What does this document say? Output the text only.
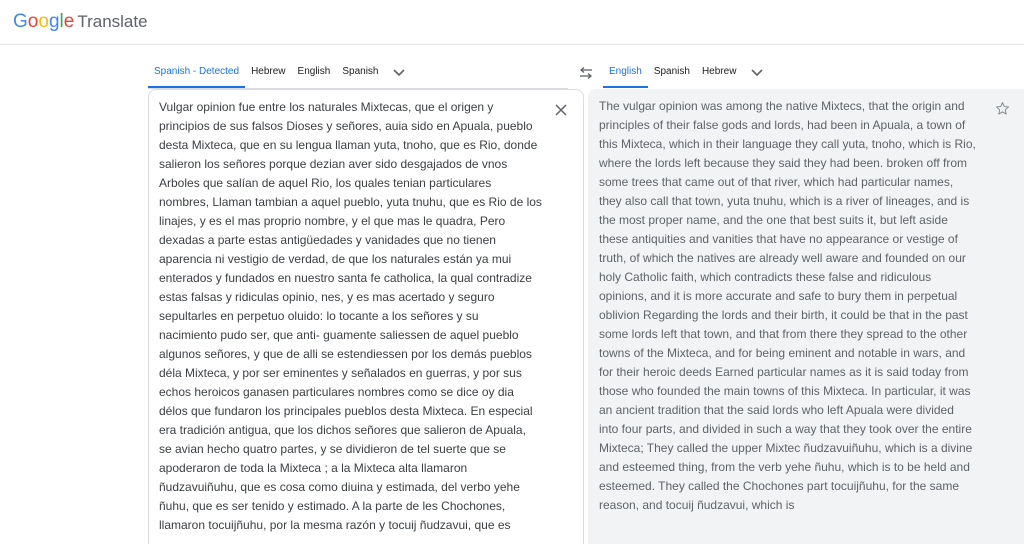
Google Translate
Spanish - Detected	Hebrew	English	Spanish	English	Spanish	Hebrew
Vulgar opinion fue entre los naturales Mixtecas, que el origen y
principios de sus falsos Dioses y señores, auia sido en Apuala, pueblo
desta Mixteca, que en su lengua llaman yuta, tnoho, que es Rio, donde
salieron los señores porque dezian aver sido desgajados de vnos
Arboles que salían de aquel Rio, los quales tenian particulares
nombres, Llaman tambian a aquel pueblo, yuta tnuhu, que es Rio de los
linajes, y es el mas proprio nombre, y el que mas le quadra, Pero
dexadas a parte estas antigüedades y vanidades que no tienen
aparencia ni vestigio de verdad, de que los naturales están ya mui
enterados y fundados en nuestro santa fe catholica, la qual contradize
estas falsas y ridiculas opinio, nes, y es mas acertado y seguro
sepultarles en perpetuo oluido: lo tocante a los señores y su
nacimiento pudo ser, que anti- guamente saliessen de aquel pueblo
algunos señores, y que de alli se estendiessen por los demás pueblos
déla Mixteca, y por ser eminentes y señalados en guerras, y por sus
echos heroicos ganasen particulares nombres como se dice oy dia
délos que fundaron los principales pueblos desta Mixteca. En especial
era tradición antigua, que los dichos señores que salieron de Apuala,
se avian hecho quatro partes, y se dividieron de tel suerte que se
apoderaron de toda la Mixteca ; a la Mixteca alta llamaron
ñudzavuiñuhu, que es cosa como diuina y estimada, del verbo yehe
ñuhu, que es ser tenido y estimado. A la parte de les Chochones,
llamaron tocuijñuhu, por la mesma razón y tocuij ñudzavui, que es
The vulgar opinion was among the native Mixtecs, that the origin and
principles of their false gods and lords, had been in Apuala, a town of
this Mixteca, which in their language they call yuta, tnoho, which is Rio,
where the lords left because they said they had been. broken off from
some trees that came out of that river, which had particular names,
they also call that town, yuta tnuhu, which is a river of lineages, and is
the most proper name, and the one that best suits it, but left aside
these antiquities and vanities that have no appearance or vestige of
truth, of which the natives are already well aware and founded on our
holy Catholic faith, which contradicts these false and ridiculous
opinions, and it is more accurate and safe to bury them in perpetual
oblivion Regarding the lords and their birth, it could be that in the past
some lords left that town, and that from there they spread to the other
towns of the Mixteca, and for being eminent and notable in wars, and
for their heroic deeds Earned particular names as it is said today from
those who founded the main towns of this Mixteca. In particular, it was
an ancient tradition that the said lords who left Apuala were divided
into four parts, and divided in such a way that they took over the entire
Mixteca; They called the upper Mixtec ñudzavuiñuhu, which is a divine
and esteemed thing, from the verb yehe ñuhu, which is to be held and
esteemed. They called the Chochones part tocuijñuhu, for the same
reason, and tocuij ñudzavui, which is
